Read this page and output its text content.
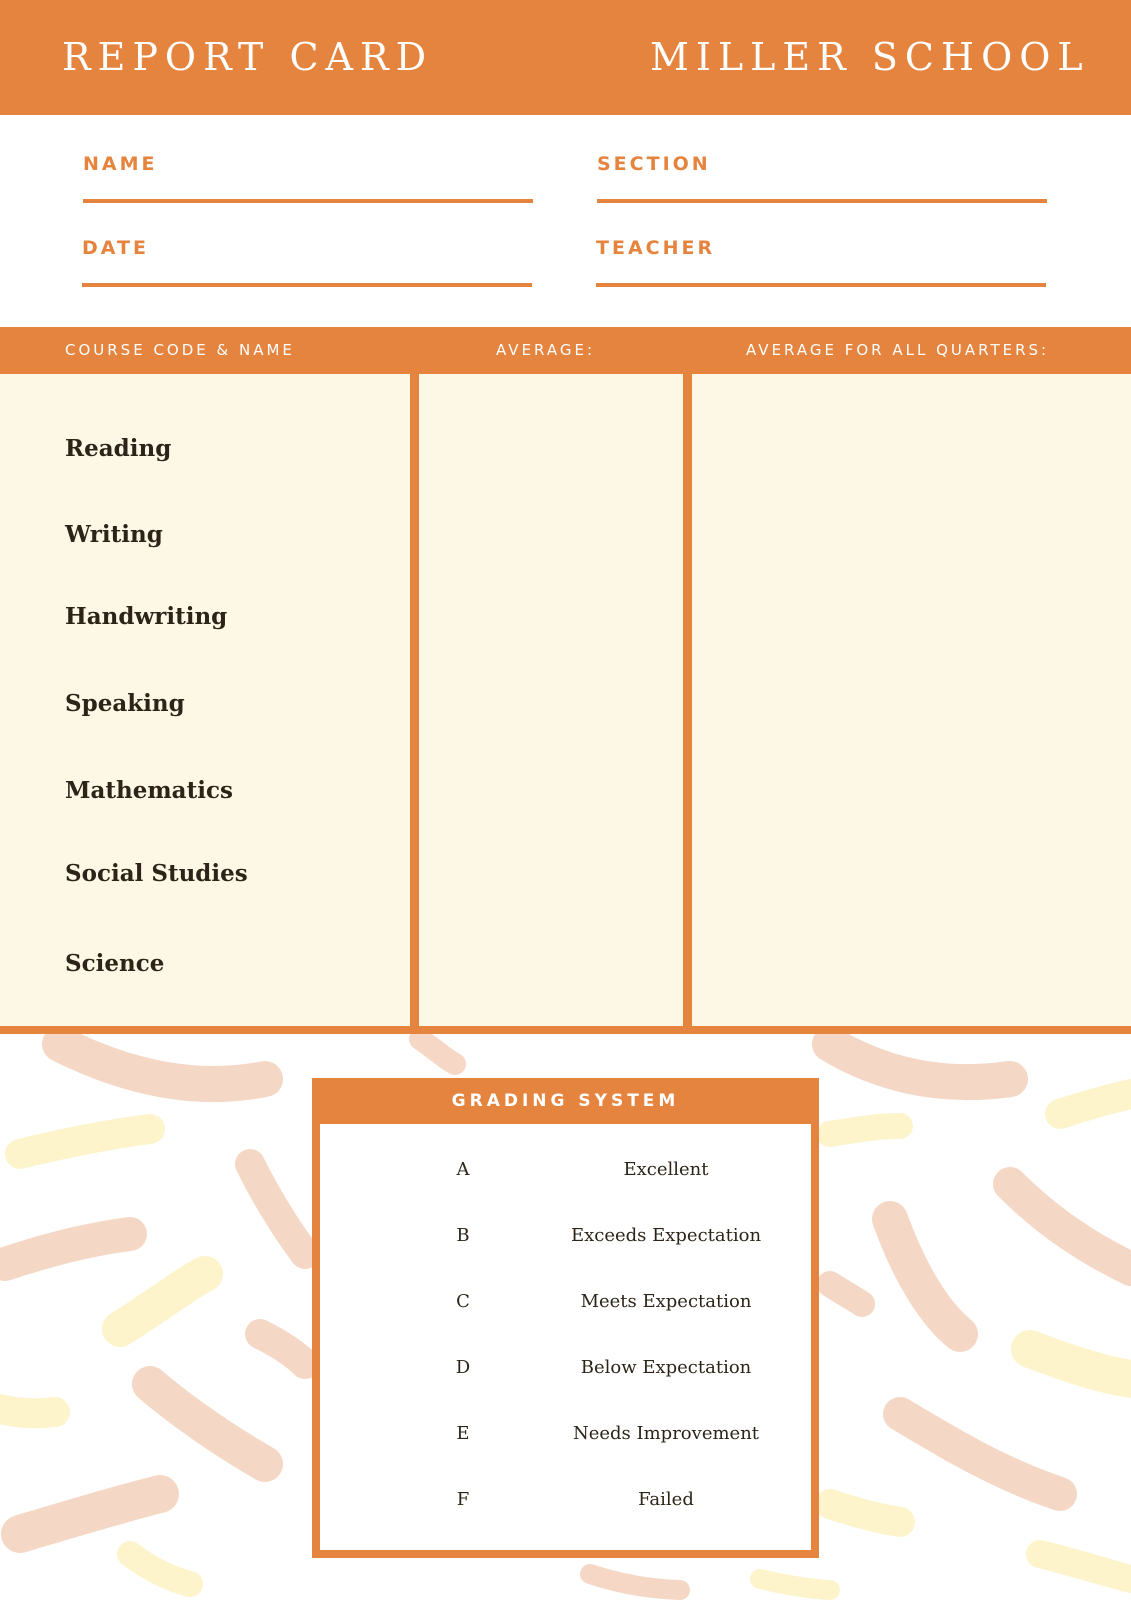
REPORT CARD	MILLER SCHOOL
NAME	SECTION
DATE	TEACHER
COURSE CODE & NAME	AVERAGE:	AVERAGE FOR ALL QUARTERS:
Reading
Writing
Handwriting
Speaking
Mathematics
Social Studies
Science
GRADING SYSTEM
A	Excellent
B	Exceeds Expectation
C	Meets Expectation
D	Below Expectation
E	Needs Improvement
F	Failed
